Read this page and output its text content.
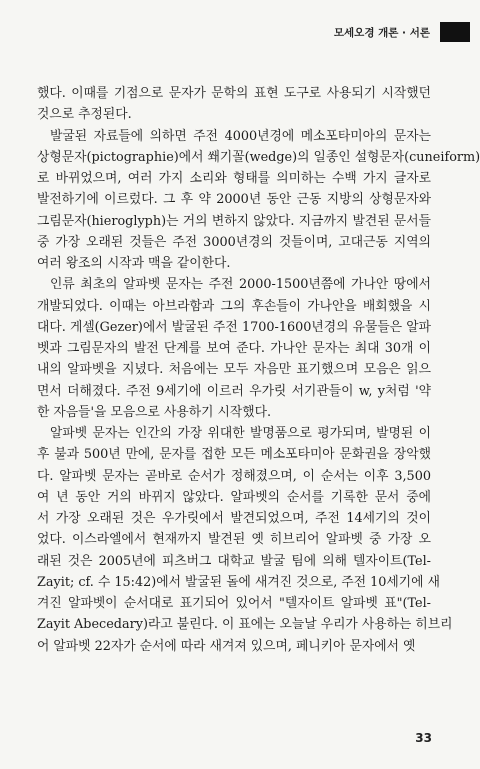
모세오경 개론 · 서론
했다. 이때를 기점으로 문자가 문학의 표현 도구로 사용되기 시작했던
것으로 추정된다.
발굴된 자료들에 의하면 주전 4000년경에 메소포타미아의 문자는
상형문자(pictographie)에서 쐐기꼴(wedge)의 일종인 설형문자(cuneiform)
로 바뀌었으며, 여러 가지 소리와 형태를 의미하는 수백 가지 글자로
발전하기에 이르렀다. 그 후 약 2000년 동안 근동 지방의 상형문자와
그림문자(hieroglyph)는 거의 변하지 않았다. 지금까지 발견된 문서들
중 가장 오래된 것들은 주전 3000년경의 것들이며, 고대근동 지역의
여러 왕조의 시작과 맥을 같이한다.
인류 최초의 알파벳 문자는 주전 2000-1500년쯤에 가나안 땅에서
개발되었다. 이때는 아브라함과 그의 후손들이 가나안을 배회했을 시
대다. 게셀(Gezer)에서 발굴된 주전 1700-1600년경의 유물들은 알파
벳과 그림문자의 발전 단계를 보여 준다. 가나안 문자는 최대 30개 이
내의 알파벳을 지녔다. 처음에는 모두 자음만 표기했으며 모음은 읽으
면서 더해졌다. 주전 9세기에 이르러 우가릿 서기관들이 w, y처럼 '약
한 자음들'을 모음으로 사용하기 시작했다.
알파벳 문자는 인간의 가장 위대한 발명품으로 평가되며, 발명된 이
후 불과 500년 만에, 문자를 접한 모든 메소포타미아 문화권을 장악했
다. 알파벳 문자는 곧바로 순서가 정해졌으며, 이 순서는 이후 3,500
여 년 동안 거의 바뀌지 않았다. 알파벳의 순서를 기록한 문서 중에
서 가장 오래된 것은 우가릿에서 발견되었으며, 주전 14세기의 것이
었다. 이스라엘에서 현재까지 발견된 옛 히브리어 알파벳 중 가장 오
래된 것은 2005년에 피츠버그 대학교 발굴 팀에 의해 텔자이트(Tel-
Zayit; cf. 수 15:42)에서 발굴된 돌에 새겨진 것으로, 주전 10세기에 새
겨진 알파벳이 순서대로 표기되어 있어서 "텔자이트 알파벳 표"(Tel-
Zayit Abecedary)라고 불린다. 이 표에는 오늘날 우리가 사용하는 히브리
어 알파벳 22자가 순서에 따라 새겨져 있으며, 페니키아 문자에서 옛
33
